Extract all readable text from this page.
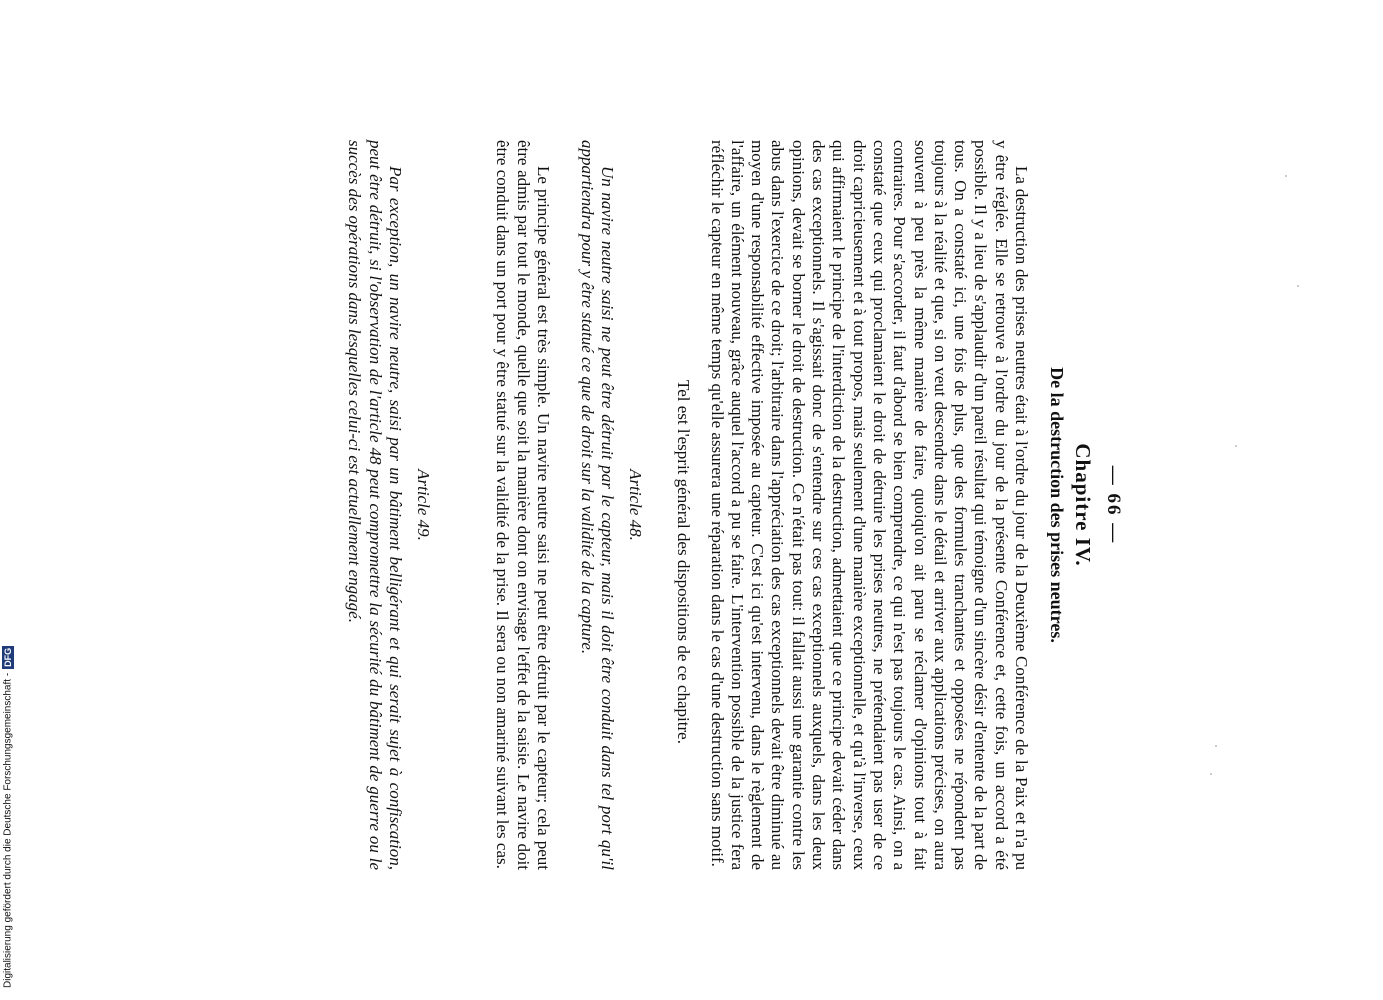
— 66 —
Chapitre IV.
De la destruction des prises neutres.

La destruction des prises neutres était à l'ordre du jour de la Deuxième Conférence de la Paix et n'a pu y être réglée. Elle se retrouve à l'ordre du jour de la présente Conférence et, cette fois, un accord a été possible. Il y a lieu de s'applaudir d'un pareil résultat qui témoigne d'un sincère désir d'entente de la part de tous. On a constaté ici, une fois de plus, que des formules tranchantes et opposées ne répondent pas toujours à la réalité et que, si on veut descendre dans le détail et arriver aux applications précises, on aura souvent à peu près la même manière de faire, quoiqu'on ait paru se réclamer d'opinions tout à fait contraires. Pour s'accorder, il faut d'abord se bien comprendre, ce qui n'est pas toujours le cas. Ainsi, on a constaté que ceux qui proclamaient le droit de détruire les prises neutres, ne prétendaient pas user de ce droit capricieusement et à tout propos, mais seulement d'une manière exceptionnelle, et qu'à l'inverse, ceux qui affirmaient le principe de l'interdiction de la destruction, admettaient que ce principe devait céder dans des cas exceptionnels. Il s'agissait donc de s'entendre sur ces cas exceptionnels auxquels, dans les deux opinions, devait se borner le droit de destruction. Ce n'était pas tout: il fallait aussi une garantie contre les abus dans l'exercice de ce droit; l'arbitraire dans l'appréciation des cas exceptionnels devait être diminué au moyen d'une responsabilité effective imposée au capteur. C'est ici qu'est intervenu, dans le règlement de l'affaire, un élément nouveau, grâce auquel l'accord a pu se faire. L'intervention possible de la justice fera réfléchir le capteur en même temps qu'elle assurera une réparation dans le cas d'une destruction sans motif.

Tel est l'esprit général des dispositions de ce chapitre.

Article 48.

Un navire neutre saisi ne peut être détruit par le capteur, mais il doit être conduit dans tel port qu'il appartiendra pour y être statué ce que de droit sur la validité de la capture.

Le principe général est très simple. Un navire neutre saisi ne peut être détruit par le capteur; cela peut être admis par tout le monde, quelle que soit la manière dont on envisage l'effet de la saisie. Le navire doit être conduit dans un port pour y être statué sur la validité de la prise. Il sera ou non amariné suivant les cas.

Article 49.

Par exception, un navire neutre, saisi par un bâtiment belligérant et qui serait sujet à confiscation, peut être détruit, si l'observation de l'article 48 peut compromettre la sécurité du bâtiment de guerre ou le succès des opérations dans lesquelles celui-ci est actuellement engagé.

Digitalisierung gefördert durch die Deutsche Forschungsgemeinschaft -DFG
